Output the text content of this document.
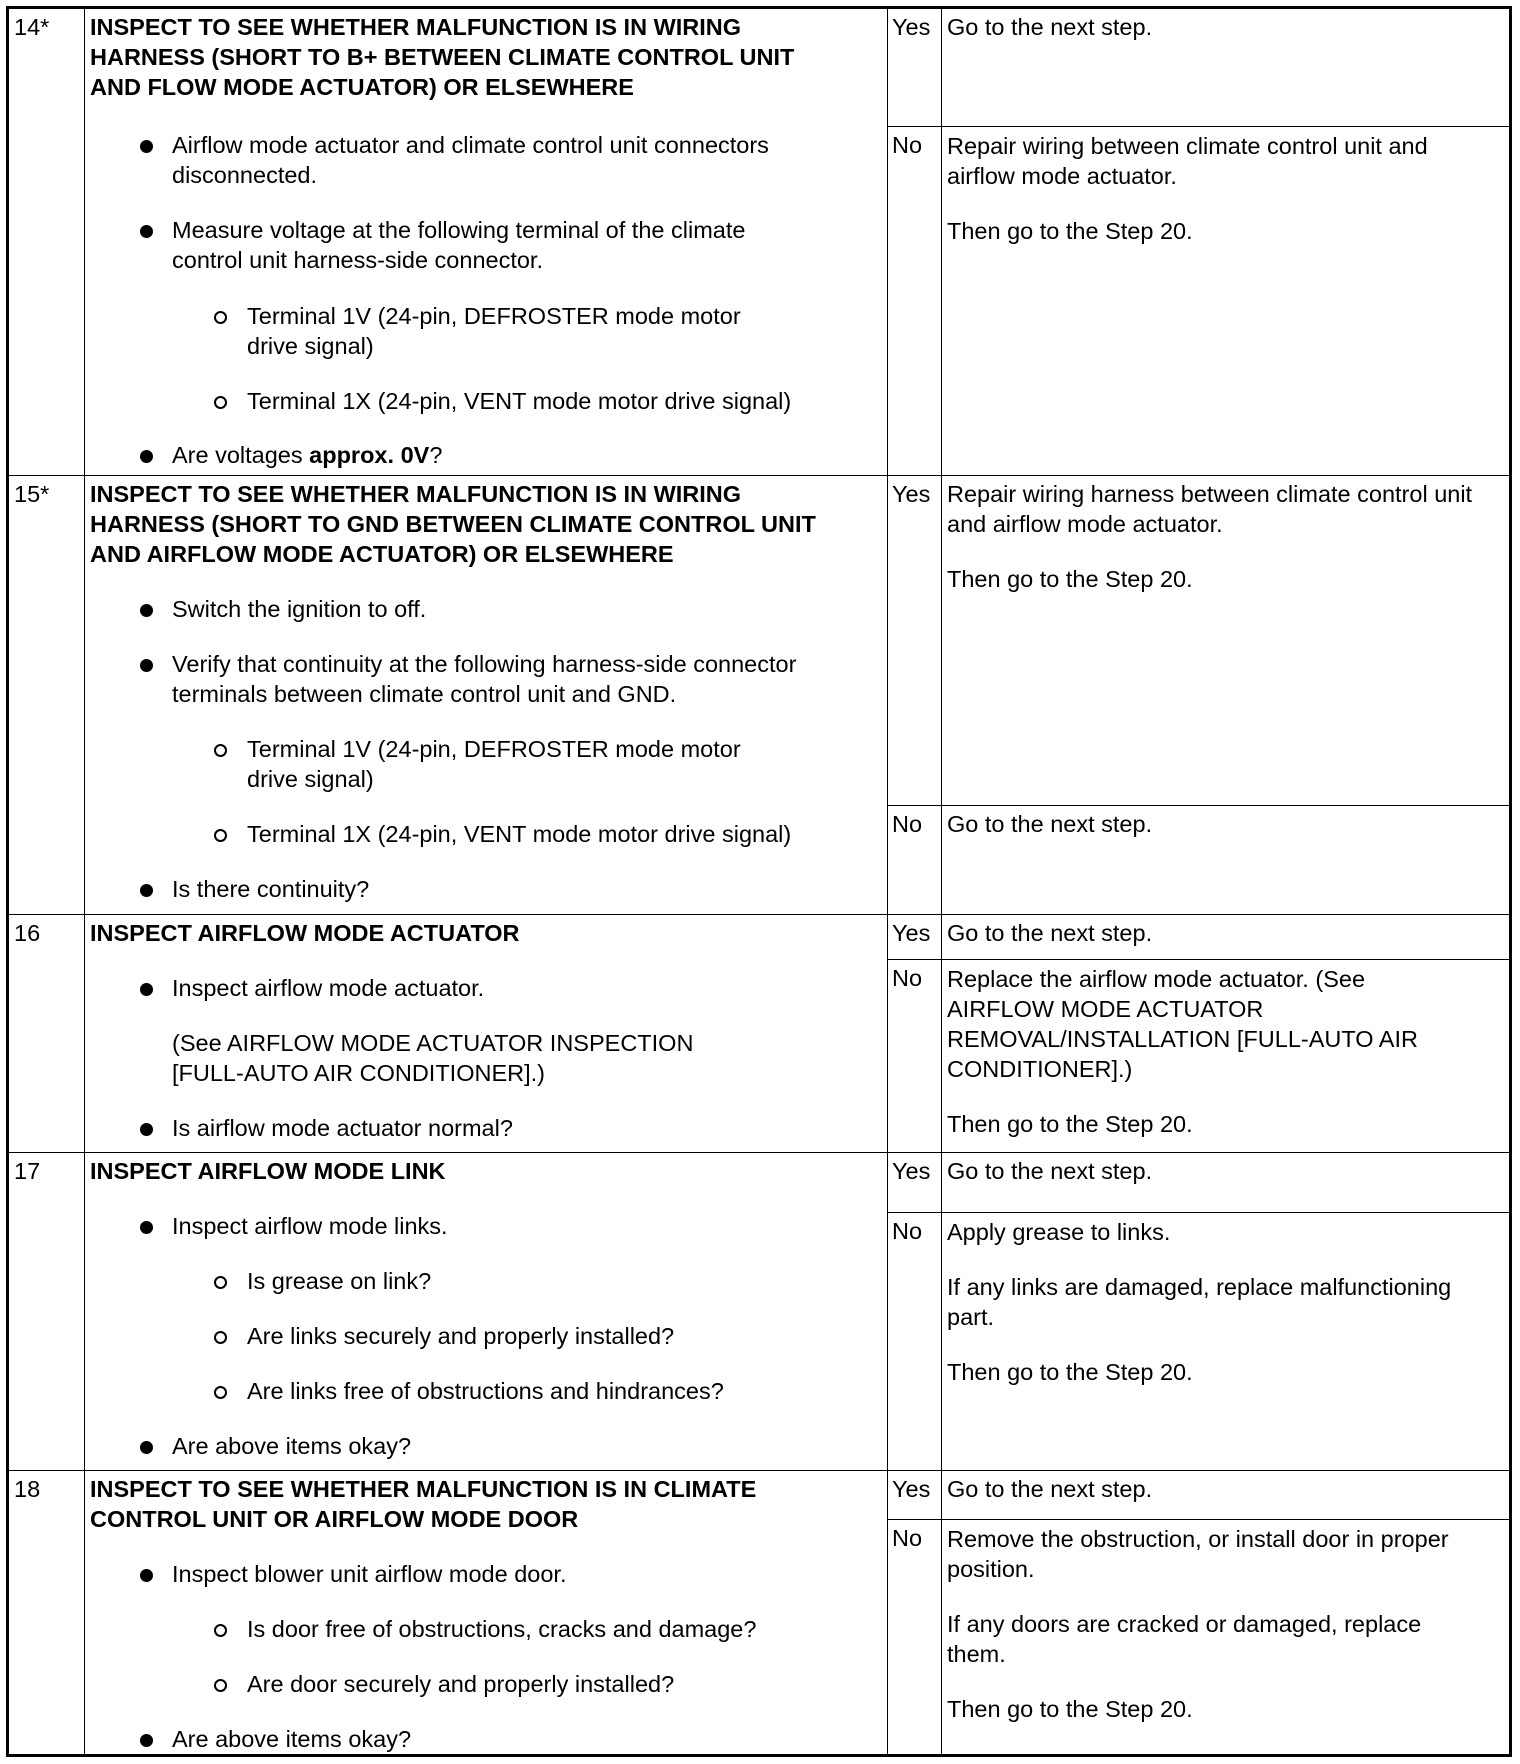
14* INSPECT TO SEE WHETHER MALFUNCTION IS IN WIRING
HARNESS (SHORT TO B+ BETWEEN CLIMATE CONTROL UNIT
AND FLOW MODE ACTUATOR) OR ELSEWHERE
Airflow mode actuator and climate control unit connectors
disconnected.
Measure voltage at the following terminal of the climate
control unit harness-side connector.
Terminal 1V (24-pin, DEFROSTER mode motor
drive signal)
Terminal 1X (24-pin, VENT mode motor drive signal)
Are voltages approx. 0V?
Yes
No
Go to the next step.
Repair wiring between climate control unit and
airflow mode actuator.
Then go to the Step 20.
15* INSPECT TO SEE WHETHER MALFUNCTION IS IN WIRING
HARNESS (SHORT TO GND BETWEEN CLIMATE CONTROL UNIT
AND AIRFLOW MODE ACTUATOR) OR ELSEWHERE
Switch the ignition to off.
Verify that continuity at the following harness-side connector
terminals between climate control unit and GND.
Terminal 1V (24-pin, DEFROSTER mode motor
drive signal)
Terminal 1X (24-pin, VENT mode motor drive signal)
Is there continuity?
Yes
No
Repair wiring harness between climate control unit
and airflow mode actuator.
Then go to the Step 20.
Go to the next step.
16 INSPECT AIRFLOW MODE ACTUATOR
Inspect airflow mode actuator.
(See AIRFLOW MODE ACTUATOR INSPECTION
[FULL-AUTO AIR CONDITIONER].)
Is airflow mode actuator normal?
Yes
No
Go to the next step.
Replace the airflow mode actuator. (See
AIRFLOW MODE ACTUATOR
REMOVAL/INSTALLATION [FULL-AUTO AIR
CONDITIONER].)
Then go to the Step 20.
17 INSPECT AIRFLOW MODE LINK
Inspect airflow mode links.
Is grease on link?
Are links securely and properly installed?
Are links free of obstructions and hindrances?
Are above items okay?
Yes
No
Go to the next step.
Apply grease to links.
If any links are damaged, replace malfunctioning
part.
Then go to the Step 20.
18 INSPECT TO SEE WHETHER MALFUNCTION IS IN CLIMATE
CONTROL UNIT OR AIRFLOW MODE DOOR
Inspect blower unit airflow mode door.
Is door free of obstructions, cracks and damage?
Are door securely and properly installed?
Are above items okay?
Yes
No
Go to the next step.
Remove the obstruction, or install door in proper
position.
If any doors are cracked or damaged, replace
them.
Then go to the Step 20.
